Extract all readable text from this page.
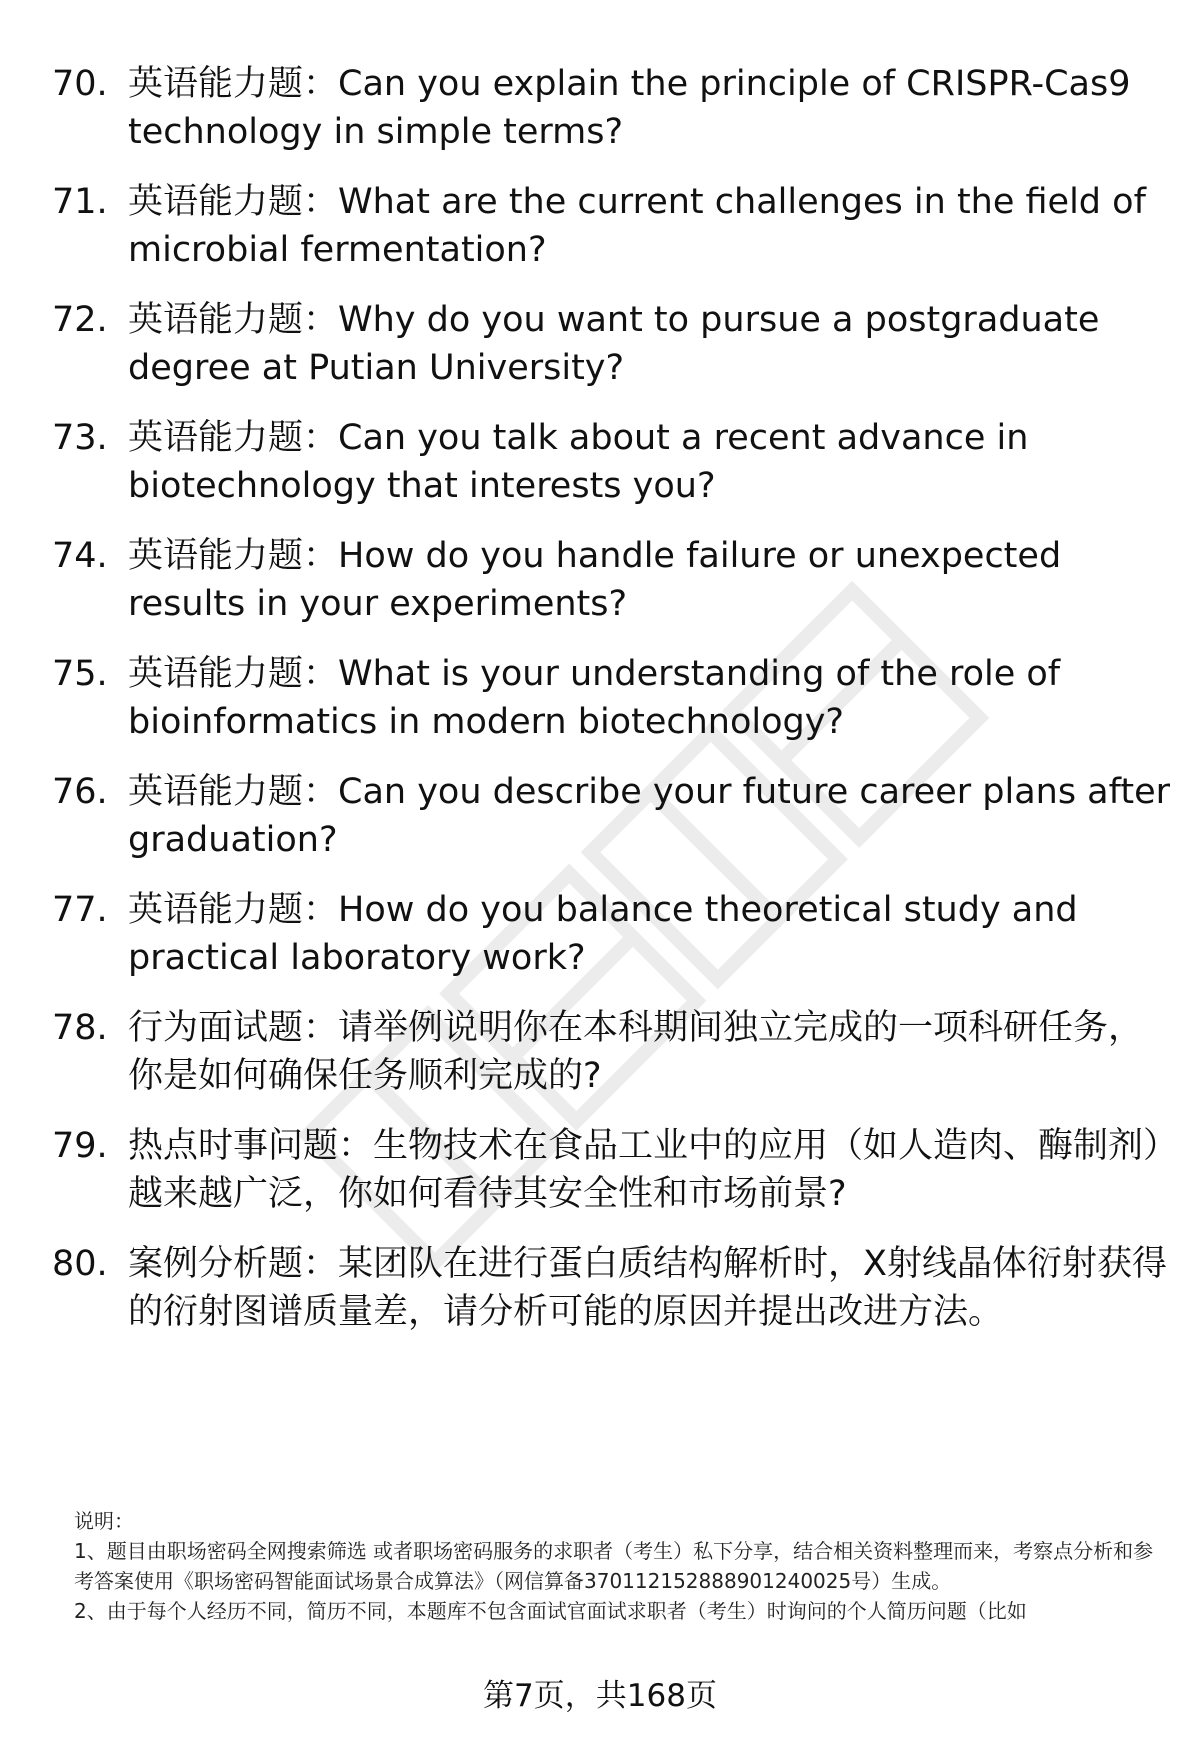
70. 英语能力题：Can you explain the principle of CRISPR-Cas9 technology in simple terms?
71. 英语能力题：What are the current challenges in the field of microbial fermentation?
72. 英语能力题：Why do you want to pursue a postgraduate degree at Putian University?
73. 英语能力题：Can you talk about a recent advance in biotechnology that interests you?
74. 英语能力题：How do you handle failure or unexpected results in your experiments?
75. 英语能力题：What is your understanding of the role of bioinformatics in modern biotechnology?
76. 英语能力题：Can you describe your future career plans after graduation?
77. 英语能力题：How do you balance theoretical study and practical laboratory work?
78. 行为面试题：请举例说明你在本科期间独立完成的一项科研任务，你是如何确保任务顺利完成的?
79. 热点时事问题：生物技术在食品工业中的应用（如人造肉、酶制剂）越来越广泛，你如何看待其安全性和市场前景?
80. 案例分析题：某团队在进行蛋白质结构解析时，X射线晶体衍射获得的衍射图谱质量差，请分析可能的原因并提出改进方法。

说明：

1、题目由职场密码全网搜索筛选 或者职场密码服务的求职者（考生）私下分享，结合相关资料整理而来，考察点分析和参考答案使用《职场密码智能面试场景合成算法》（网信算备370112152888901240025号）生成。

2、由于每个人经历不同，简历不同，本题库不包含面试官面试求职者（考生）时询问的个人简历问题（比如

第7页，共168页
